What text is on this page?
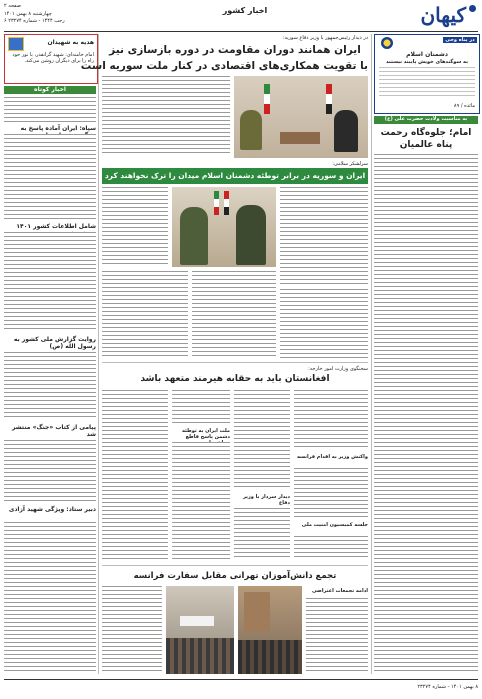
صفحه ۲
چهارشنبه ۸ بهمن ۱۴۰۱
۶ رجب ۱۴۴۴ - شماره ۲۳۲۷۴
اخبار کشور	کیهان
هدیه به شهیدان
امام خامنه‌ای: شهید گرانقدر، با نور خود راه را برای دیگران روشن می‌کند.
اخبار کوتاه
سپاه: ایران آماده پاسخ به
شامل اطلاعات کشور ۱۴۰۱
روایت گزارش ملی کشور به رسول الله (ص)
پیامی از کتاب «جنگ» منتشر شد
دبیر ستاد: ویژگی شهید آزادی
در دیدار رئیس‌جمهور با وزیر دفاع سوریه:
ایران همانند دوران مقاومت در دوره بازسازی نیز
با تقویت همکاری‌های اقتصادی در کنار ملت سوریه است
سرلشکر سلامی:
ایران و سوریه در برابر توطئه دشمنان اسلام میدان را ترک نخواهند کرد
سخنگوی وزارت امور خارجه:
افغانستان باید به حقابه هیرمند متعهد باشد
ملت ایران به توطئه دشمن پاسخ قاطع
دیدار سردار با وزیر دفاع
واکنش وزیر به اقدام فرانسه
جلسه کمیسیون امنیت ملی
تجمع دانش‌آموزان تهرانی مقابل سفارت فرانسه
ادامه تجمعات اعتراضی
در پناه وحی
دشمنان اسلام
به سوگندهای خویش پایبند نیستند
مائده / ۸۹
به مناسبت ولادت حضرت علی (ع)
امام؛ جلوه‌گاه رحمت
پناه عالمیان
۸ بهمن ۱۴۰۱ - شماره ۲۳۲۷۴
